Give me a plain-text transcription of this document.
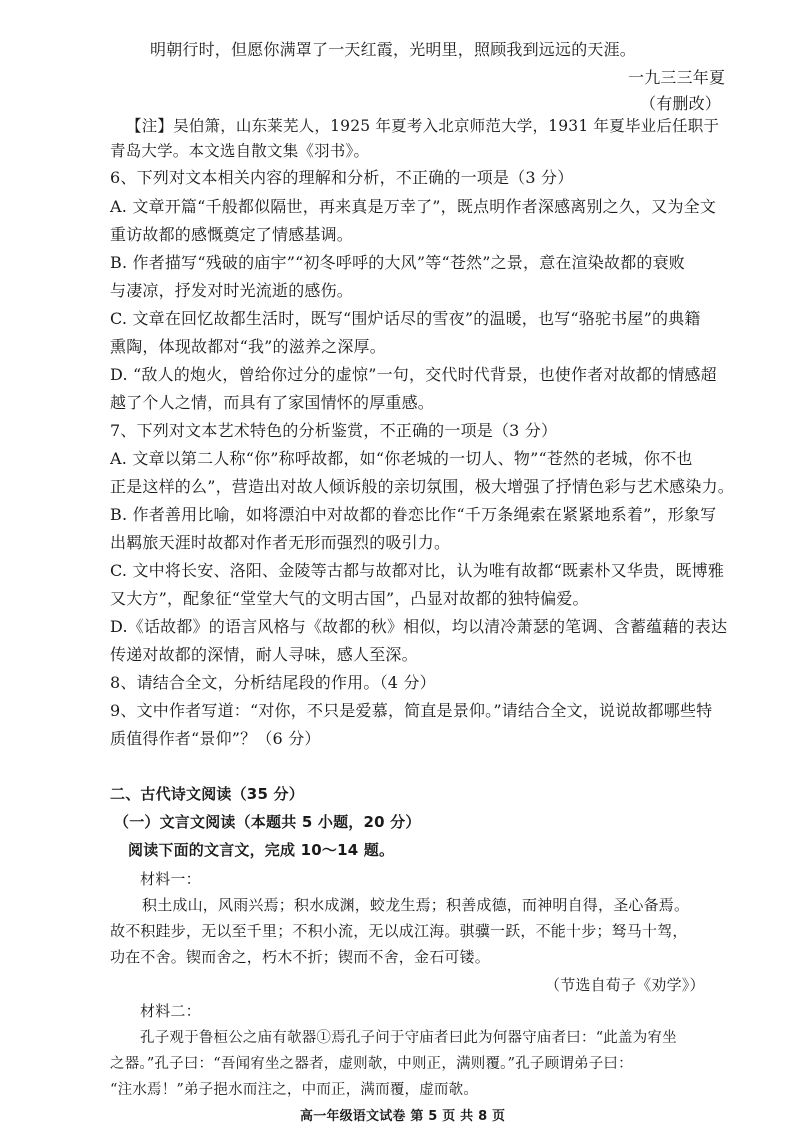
明朝行时，但愿你满罩了一天红霞，光明里，照顾我到远远的天涯。
一九三三年夏
（有删改）
【注】吴伯箫，山东莱芜人，1925 年夏考入北京师范大学，1931 年夏毕业后任职于
青岛大学。本文选自散文集《羽书》。
6、下列对文本相关内容的理解和分析，不正确的一项是（3 分）
A. 文章开篇“千般都似隔世，再来真是万幸了”，既点明作者深感离别之久，又为全文
重访故都的感慨奠定了情感基调。
B. 作者描写“残破的庙宇”“初冬呼呼的大风”等“苍然”之景，意在渲染故都的衰败
与凄凉，抒发对时光流逝的感伤。
C. 文章在回忆故都生活时，既写“围炉话尽的雪夜”的温暖，也写“骆驼书屋”的典籍
熏陶，体现故都对“我”的滋养之深厚。
D. “敌人的炮火，曾给你过分的虚惊”一句，交代时代背景，也使作者对故都的情感超
越了个人之情，而具有了家国情怀的厚重感。
7、下列对文本艺术特色的分析鉴赏，不正确的一项是（3 分）
A. 文章以第二人称“你”称呼故都，如“你老城的一切人、物”“苍然的老城，你不也
正是这样的么”，营造出对故人倾诉般的亲切氛围，极大增强了抒情色彩与艺术感染力。
B. 作者善用比喻，如将漂泊中对故都的眷恋比作“千万条绳索在紧紧地系着”，形象写
出羁旅天涯时故都对作者无形而强烈的吸引力。
C. 文中将长安、洛阳、金陵等古都与故都对比，认为唯有故都“既素朴又华贵，既博雅
又大方”，配象征“堂堂大气的文明古国”，凸显对故都的独特偏爱。
D.《话故都》的语言风格与《故都的秋》相似，均以清冷萧瑟的笔调、含蓄蕴藉的表达
传递对故都的深情，耐人寻味，感人至深。
8、请结合全文，分析结尾段的作用。（4 分）
9、文中作者写道：“对你，不只是爱慕，简直是景仰。”请结合全文，说说故都哪些特
质值得作者“景仰”？（6 分）
二、古代诗文阅读（35 分）
（一）文言文阅读（本题共 5 小题，20 分）
阅读下面的文言文，完成 10～14 题。
材料一：
积土成山，风雨兴焉；积水成渊，蛟龙生焉；积善成德，而神明自得，圣心备焉。
故不积跬步，无以至千里；不积小流，无以成江海。骐骥一跃，不能十步；驽马十驾，
功在不舍。锲而舍之，朽木不折；锲而不舍，金石可镂。
（节选自荀子《劝学》）
材料二：
孔子观于鲁桓公之庙有欹器①焉孔子问于守庙者曰此为何器守庙者曰：“此盖为宥坐
之器。”孔子曰：“吾闻宥坐之器者，虚则欹，中则正，满则覆。”孔子顾谓弟子曰：
“注水焉！”弟子挹水而注之，中而正，满而覆，虚而欹。
高一年级语文试卷 第 5 页 共 8 页
